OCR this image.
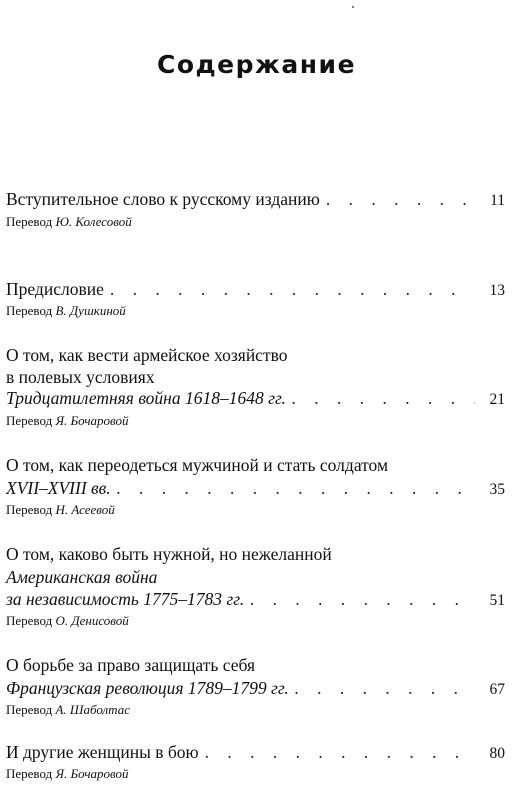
Содержание
Вступительное слово к русскому изданию . . .	11
Перевод Ю. Колесовой
Предисловие . . .	13
Перевод В. Душкиной
О том, как вести армейское хозяйство
в полевых условиях
Тридцатилетняя война 1618–1648 гг. . . .	21
Перевод Я. Бочаровой
О том, как переодеться мужчиной и стать солдатом
XVII–XVIII вв. . . .	35
Перевод Н. Асеевой
О том, каково быть нужной, но нежеланной
Американская война
за независимость 1775–1783 гг. . . .	51
Перевод О. Денисовой
О борьбе за право защищать себя
Французская революция 1789–1799 гг. . . .	67
Перевод А. Шаболтас
И другие женщины в бою . . .	80
Перевод Я. Бочаровой
